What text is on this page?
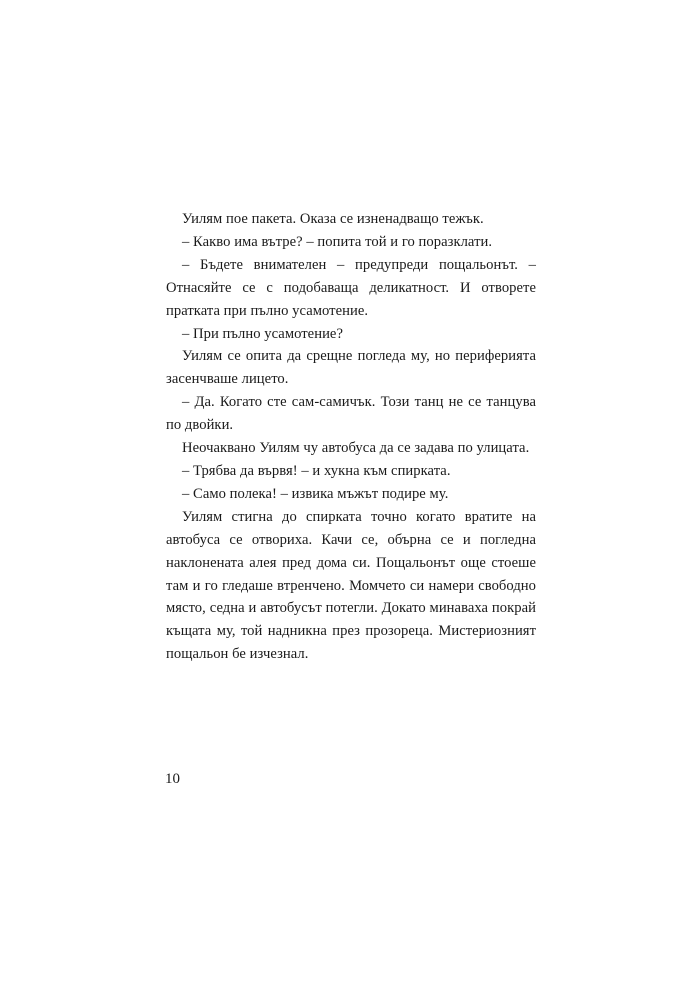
Уилям пое пакета. Оказа се изненадващо тежък.

– Какво има вътре? – попита той и го поразклати.

– Бъдете внимателен – предупреди пощальонът. – Отнасяйте се с подобаваща деликатност. И отворете пратката при пълно усамотение.

– При пълно усамотение?

Уилям се опита да срещне погледа му, но периферията засенчваше лицето.

– Да. Когато сте сам-самичък. Този танц не се танцува по двойки.

Неочаквано Уилям чу автобуса да се задава по улицата.

– Трябва да вървя! – и хукна към спирката.

– Само полека! – извика мъжът подире му.

Уилям стигна до спирката точно когато вратите на автобуса се отвориха. Качи се, обърна се и погледна наклонената алея пред дома си. Пощальонът още стоеше там и го гледаше втренчено. Момчето си намери свободно място, седна и автобусът потегли. Докато минаваха покрай къщата му, той надникна през прозореца. Мистериозният пощальон бе изчезнал.

10
